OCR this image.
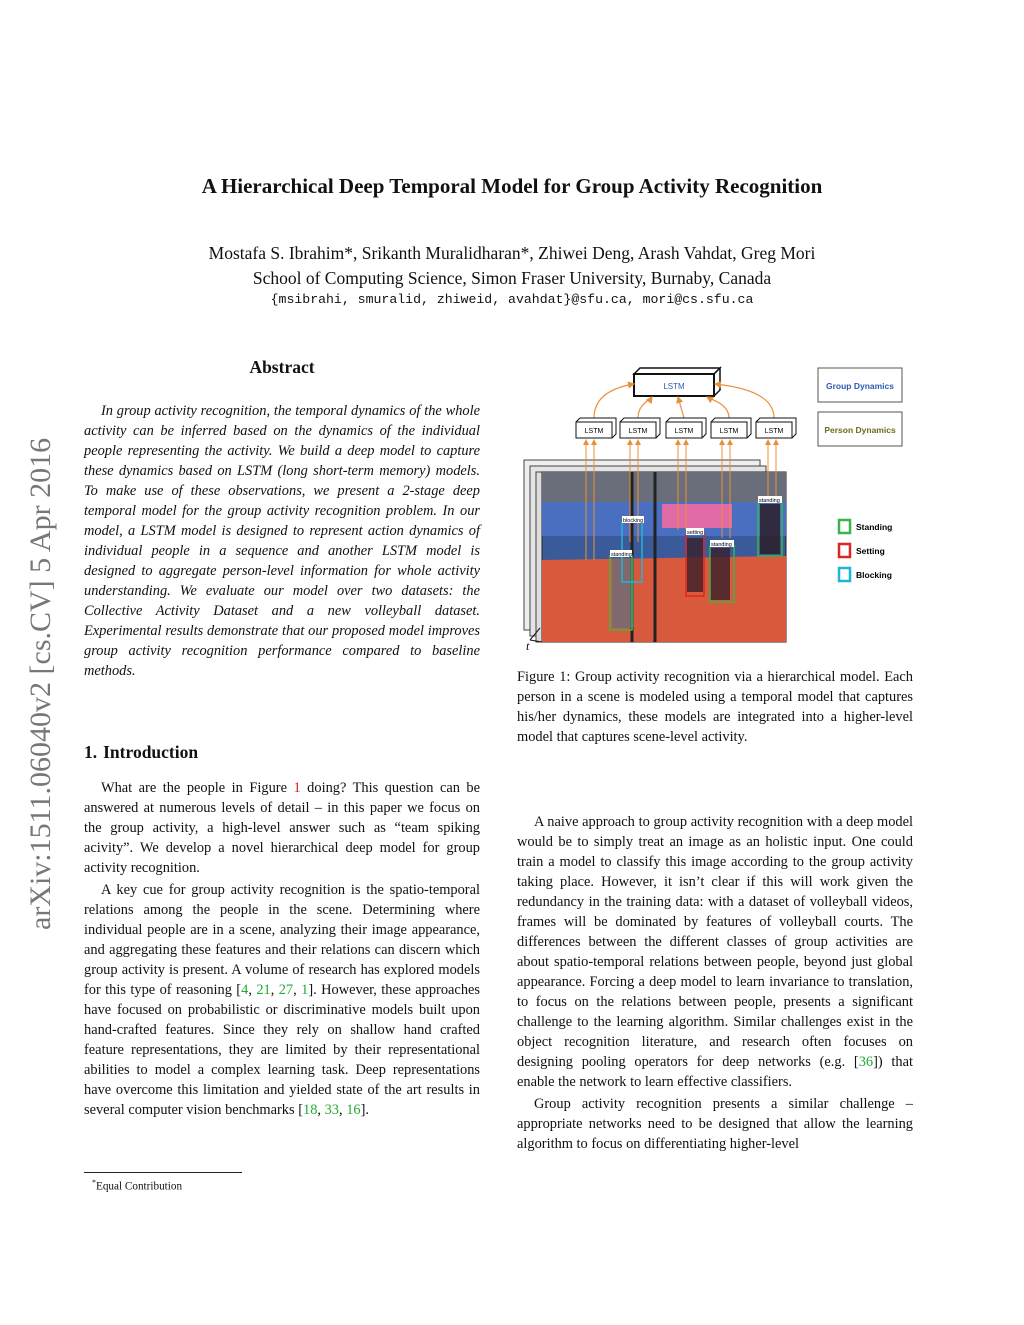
A Hierarchical Deep Temporal Model for Group Activity Recognition
Mostafa S. Ibrahim*, Srikanth Muralidharan*, Zhiwei Deng, Arash Vahdat, Greg Mori
School of Computing Science, Simon Fraser University, Burnaby, Canada
{msibrahi, smuralid, zhiweid, avahdat}@sfu.ca, mori@cs.sfu.ca
arXiv:1511.06040v2 [cs.CV] 5 Apr 2016
Abstract

In group activity recognition, the temporal dynamics of the whole activity can be inferred based on the dynamics of the individual people representing the activity. We build a deep model to capture these dynamics based on LSTM (long short-term memory) models. To make use of these observations, we present a 2-stage deep temporal model for the group activity recognition problem. In our model, a LSTM model is designed to represent action dynamics of individual people in a sequence and another LSTM model is designed to aggregate person-level information for whole activity understanding. We evaluate our model over two datasets: the Collective Activity Dataset and a new volleyball dataset. Experimental results demonstrate that our proposed model improves group activity recognition performance compared to baseline methods.

1. Introduction

What are the people in Figure 1 doing? This question can be answered at numerous levels of detail – in this paper we focus on the group activity, a high-level answer such as “team spiking acivity”. We develop a novel hierarchical deep model for group activity recognition.

A key cue for group activity recognition is the spatio-temporal relations among the people in the scene. Determining where individual people are in a scene, analyzing their image appearance, and aggregating these features and their relations can discern which group activity is present. A volume of research has explored models for this type of reasoning [4, 21, 27, 1]. However, these approaches have focused on probabilistic or discriminative models built upon hand-crafted features. Since they rely on shallow hand crafted feature representations, they are limited by their representational abilities to model a complex learning task. Deep representations have overcome this limitation and yielded state of the art results in several computer vision benchmarks [18, 33, 16].

*Equal Contribution
LSTM
LSTM	LSTM	LSTM	LSTM	LSTM
Group Dynamics
Person Dynamics
standing
blocking
setting
standing
standing
t
Standing
Setting
Blocking

Figure 1: Group activity recognition via a hierarchical model. Each person in a scene is modeled using a temporal model that captures his/her dynamics, these models are integrated into a higher-level model that captures scene-level activity.

A naive approach to group activity recognition with a deep model would be to simply treat an image as an holistic input. One could train a model to classify this image according to the group activity taking place. However, it isn’t clear if this will work given the redundancy in the training data: with a dataset of volleyball videos, frames will be dominated by features of volleyball courts. The differences between the different classes of group activities are about spatio-temporal relations between people, beyond just global appearance. Forcing a deep model to learn invariance to translation, to focus on the relations between people, presents a significant challenge to the learning algorithm. Similar challenges exist in the object recognition literature, and research often focuses on designing pooling operators for deep networks (e.g. [36]) that enable the network to learn effective classifiers.

Group activity recognition presents a similar challenge – appropriate networks need to be designed that allow the learning algorithm to focus on differentiating higher-level
